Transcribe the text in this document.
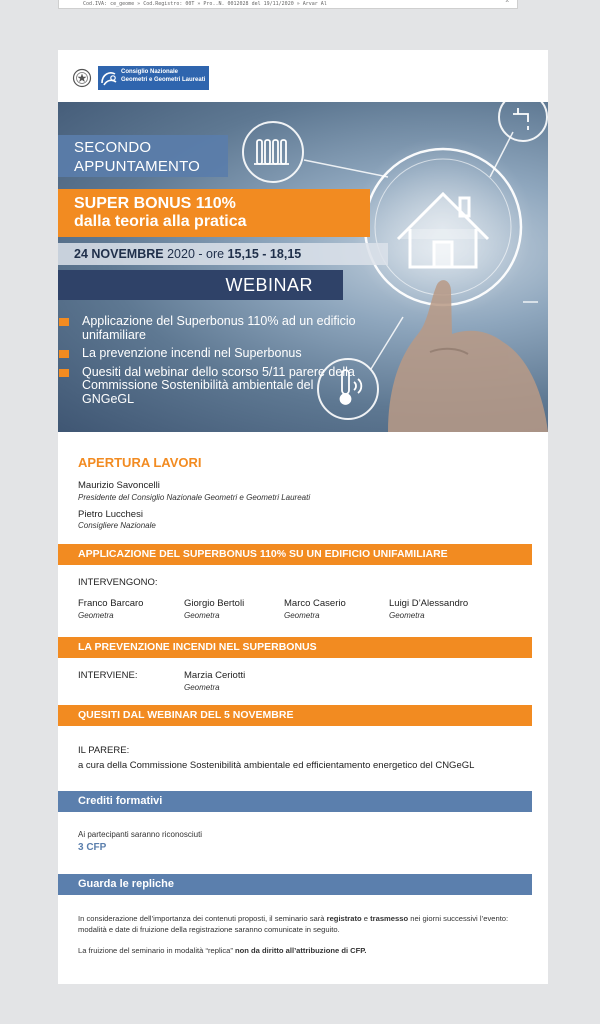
Cod.IVA: ce_geome » Cod.Registro: 00T » Pro..N. 0012028 del 19/11/2020 » Arvar Al	^
Consiglio Nazionale
Geometri e Geometri Laureati
SECONDO
APPUNTAMENTO
SUPER BONUS 110%
dalla teoria alla pratica
24 NOVEMBRE 2020 - ore 15,15 - 18,15
WEBINAR
Applicazione del Superbonus 110% ad un edificio unifamiliare
La prevenzione incendi nel Superbonus
Quesiti dal webinar dello scorso 5/11 parere della Commissione Sostenibilità ambientale del GNGeGL
APERTURA LAVORI
Maurizio Savoncelli
Presidente del Consiglio Nazionale Geometri e Geometri Laureati
Pietro Lucchesi
Consigliere Nazionale
APPLICAZIONE DEL SUPERBONUS 110% SU UN EDIFICIO UNIFAMILIARE
INTERVENGONO:
Franco Barcaro
Geometra
Giorgio Bertoli
Geometra
Marco Caserio
Geometra
Luigi D’Alessandro
Geometra
LA PREVENZIONE INCENDI NEL SUPERBONUS
INTERVIENE:	Marzia Ceriotti
Geometra
QUESITI DAL WEBINAR DEL 5 NOVEMBRE
IL PARERE:
a cura della Commissione Sostenibilità ambientale ed efficientamento energetico del CNGeGL
Crediti formativi
Ai partecipanti saranno riconosciuti
3 CFP
Guarda le repliche
In considerazione dell’importanza dei contenuti proposti, il seminario sarà registrato e trasmesso nei giorni successivi l’evento: modalità e date di fruizione della registrazione saranno comunicate in seguito.
La fruizione del seminario in modalità “replica” non da diritto all’attribuzione di CFP.
